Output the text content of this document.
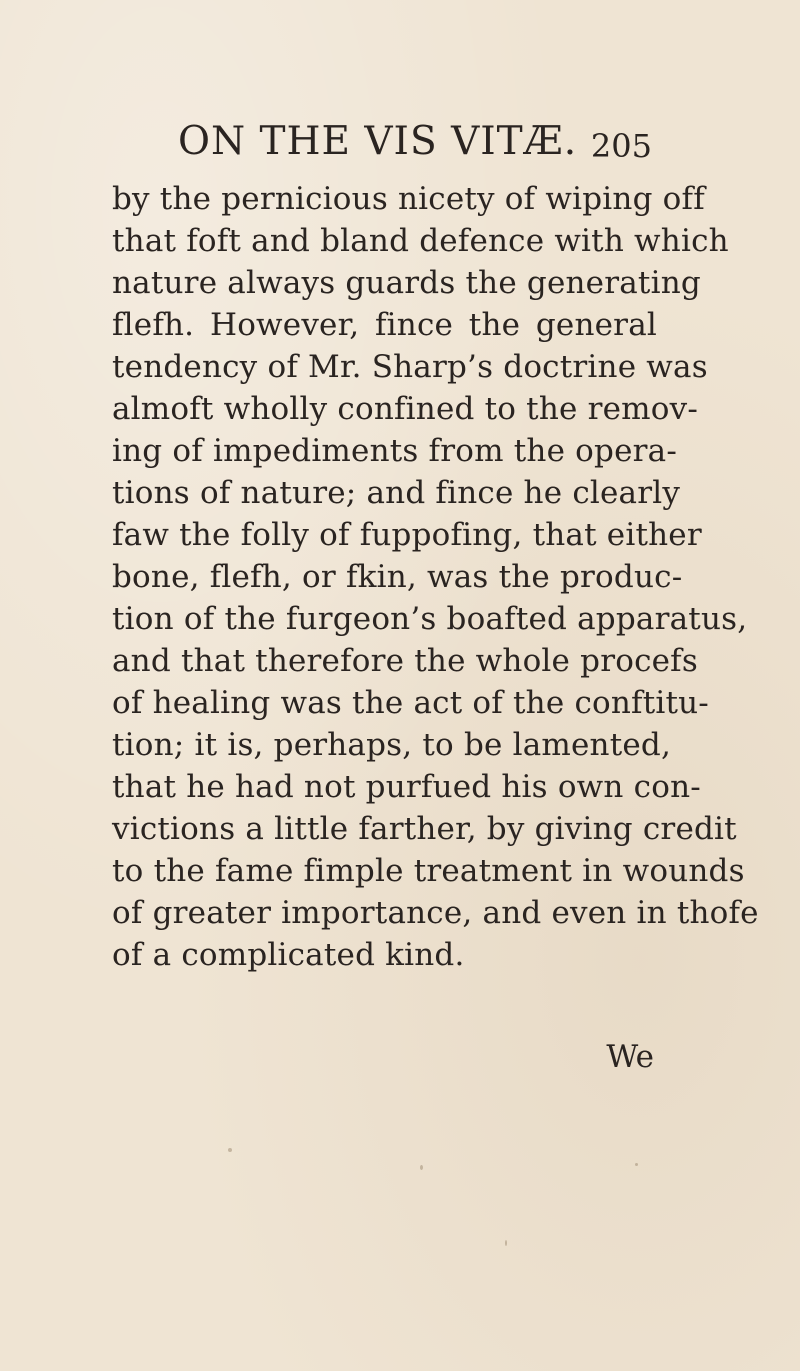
ON THE VIS VITÆ. 205
by the pernicious nicety of wiping off
that foft and bland defence with which
nature always guards the generating
flefh. However, fince the general
tendency of Mr. Sharp’s doctrine was
almoft wholly confined to the remov-
ing of impediments from the opera-
tions of nature; and fince he clearly
faw the folly of fuppofing, that either
bone, flefh, or fkin, was the produc-
tion of the furgeon’s boafted apparatus,
and that therefore the whole procefs
of healing was the act of the conftitu-
tion; it is, perhaps, to be lamented,
that he had not purfued his own con-
victions a little farther, by giving credit
to the fame fimple treatment in wounds
of greater importance, and even in thofe
of a complicated kind.
We
